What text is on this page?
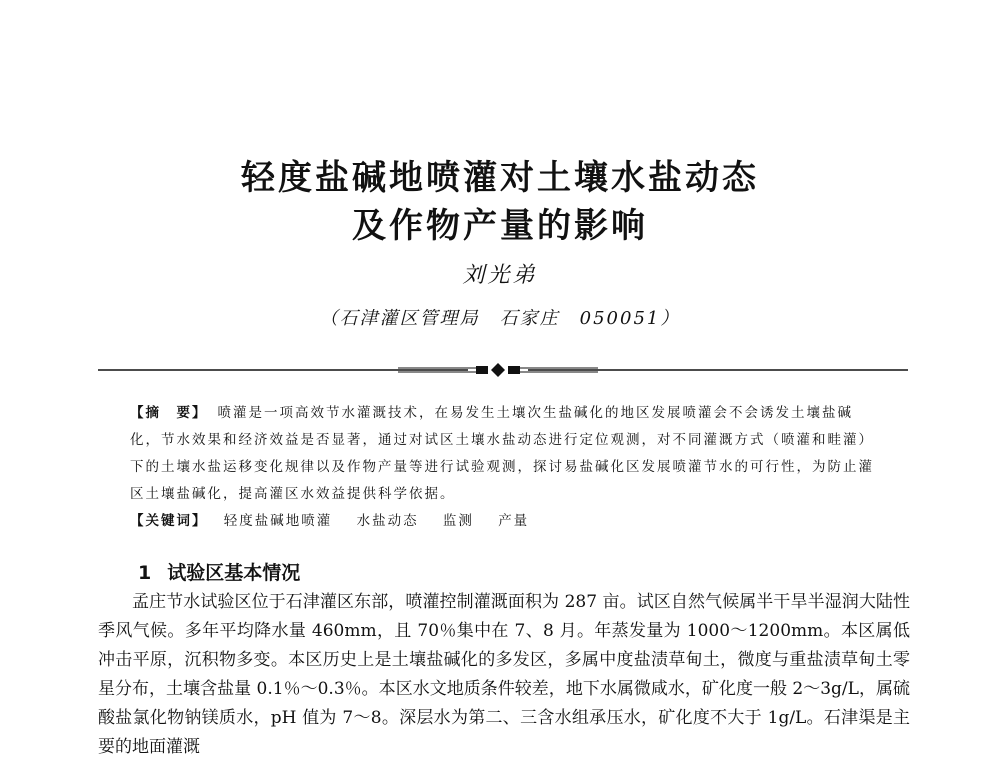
轻度盐碱地喷灌对土壤水盐动态
及作物产量的影响
刘光弟
（石津灌区管理局　石家庄　050051）
【摘　要】 喷灌是一项高效节水灌溉技术，在易发生土壤次生盐碱化的地区发展喷灌会不会诱发土壤盐碱化，节水效果和经济效益是否显著，通过对试区土壤水盐动态进行定位观测，对不同灌溉方式（喷灌和畦灌）下的土壤水盐运移变化规律以及作物产量等进行试验观测，探讨易盐碱化区发展喷灌节水的可行性，为防止灌区土壤盐碱化，提高灌区水效益提供科学依据。
【关键词】 轻度盐碱地喷灌 水盐动态 监测 产量
1 试验区基本情况
孟庄节水试验区位于石津灌区东部，喷灌控制灌溉面积为 287 亩。试区自然气候属半干旱半湿润大陆性季风气候。多年平均降水量 460mm，且 70％集中在 7、8 月。年蒸发量为 1000～1200mm。本区属低冲击平原，沉积物多变。本区历史上是土壤盐碱化的多发区，多属中度盐渍草甸土，微度与重盐渍草甸土零星分布，土壤含盐量 0.1％～0.3％。本区水文地质条件较差，地下水属微咸水，矿化度一般 2～3g/L，属硫酸盐氯化物钠镁质水，pH 值为 7～8。深层水为第二、三含水组承压水，矿化度不大于 1g/L。石津渠是主要的地面灌溉
